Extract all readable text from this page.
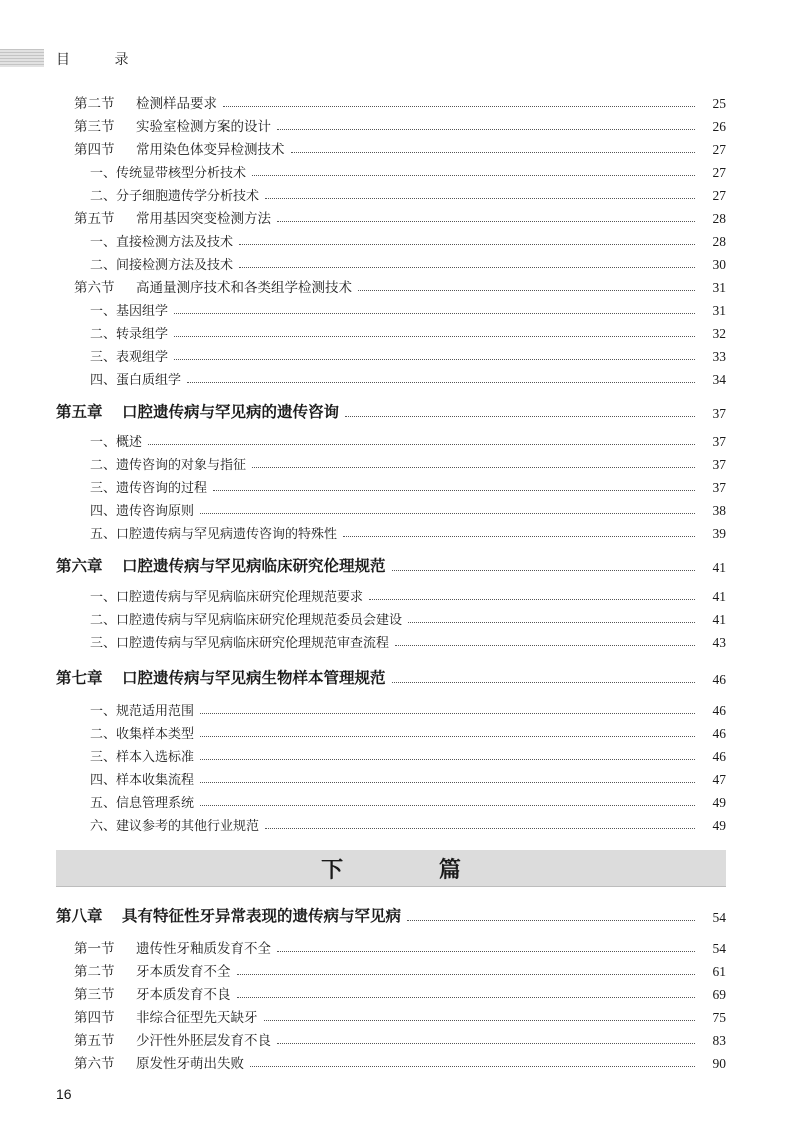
目 录
第二节 检测样品要求	25
第三节 实验室检测方案的设计	26
第四节 常用染色体变异检测技术	27
一、传统显带核型分析技术	27
二、分子细胞遗传学分析技术	27
第五节 常用基因突变检测方法	28
一、直接检测方法及技术	28
二、间接检测方法及技术	30
第六节 高通量测序技术和各类组学检测技术	31
一、基因组学	31
二、转录组学	32
三、表观组学	33
四、蛋白质组学	34
第五章 口腔遗传病与罕见病的遗传咨询	37
一、概述	37
二、遗传咨询的对象与指征	37
三、遗传咨询的过程	37
四、遗传咨询原则	38
五、口腔遗传病与罕见病遗传咨询的特殊性	39
第六章 口腔遗传病与罕见病临床研究伦理规范	41
一、口腔遗传病与罕见病临床研究伦理规范要求	41
二、口腔遗传病与罕见病临床研究伦理规范委员会建设	41
三、口腔遗传病与罕见病临床研究伦理规范审查流程	43
第七章 口腔遗传病与罕见病生物样本管理规范	46
一、规范适用范围	46
二、收集样本类型	46
三、样本入选标准	46
四、样本收集流程	47
五、信息管理系统	49
六、建议参考的其他行业规范	49
第八章 具有特征性牙异常表现的遗传病与罕见病	54
第一节 遗传性牙釉质发育不全	54
第二节 牙本质发育不全	61
第三节 牙本质发育不良	69
第四节 非综合征型先天缺牙	75
第五节 少汗性外胚层发育不良	83
第六节 原发性牙萌出失败	90
下 篇
16
